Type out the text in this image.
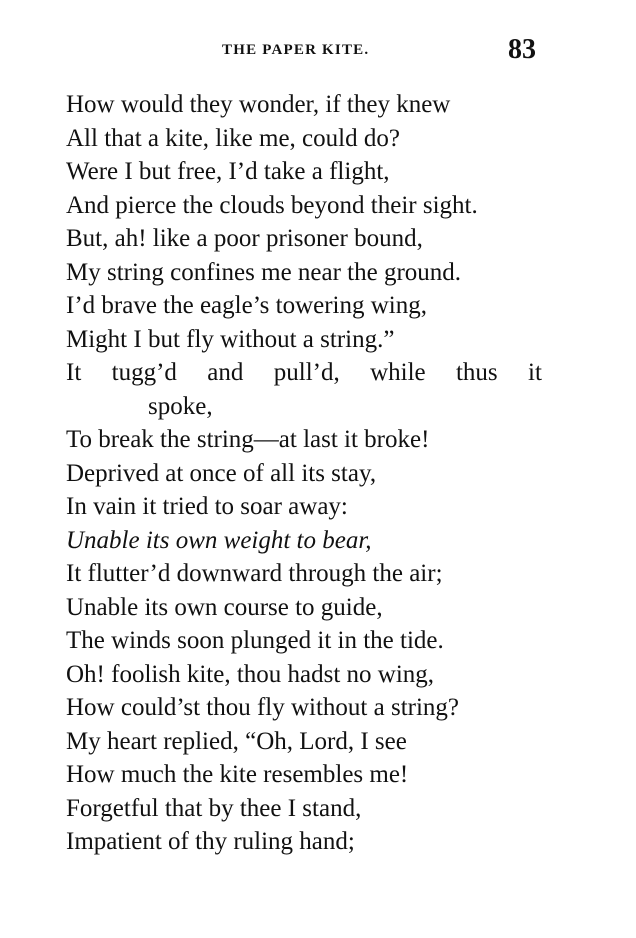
THE PAPER KITE.	83
How would they wonder, if they knew
All that a kite, like me, could do?
Were I but free, I’d take a flight,
And pierce the clouds beyond their sight.
But, ah! like a poor prisoner bound,
My string confines me near the ground.
I’d brave the eagle’s towering wing,
Might I but fly without a string.”
It tugg’d and pull’d, while thus it
spoke,
To break the string—at last it broke!
Deprived at once of all its stay,
In vain it tried to soar away:
Unable its own weight to bear,
It flutter’d downward through the air;
Unable its own course to guide,
The winds soon plunged it in the tide.
Oh! foolish kite, thou hadst no wing,
How could’st thou fly without a string?
My heart replied, “Oh, Lord, I see
How much the kite resembles me!
Forgetful that by thee I stand,
Impatient of thy ruling hand;
